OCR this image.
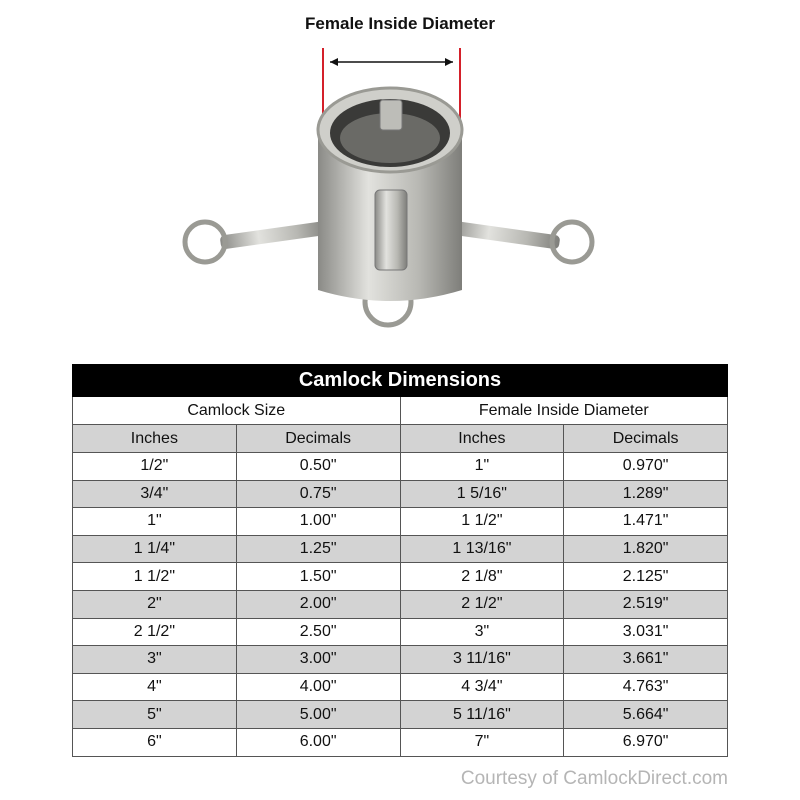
Female Inside Diameter
Camlock Dimensions			
Camlock Size		Female Inside Diameter	
Inches	Decimals	Inches	Decimals
1/2"	0.50"	1"	0.970"
3/4"	0.75"	1 5/16"	1.289"
1"	1.00"	1 1/2"	1.471"
1 1/4"	1.25"	1 13/16"	1.820"
1 1/2"	1.50"	2 1/8"	2.125"
2"	2.00"	2 1/2"	2.519"
2 1/2"	2.50"	3"	3.031"
3"	3.00"	3 11/16"	3.661"
4"	4.00"	4 3/4"	4.763"
5"	5.00"	5 11/16"	5.664"
6"	6.00"	7"	6.970"
Courtesy of CamlockDirect.com
